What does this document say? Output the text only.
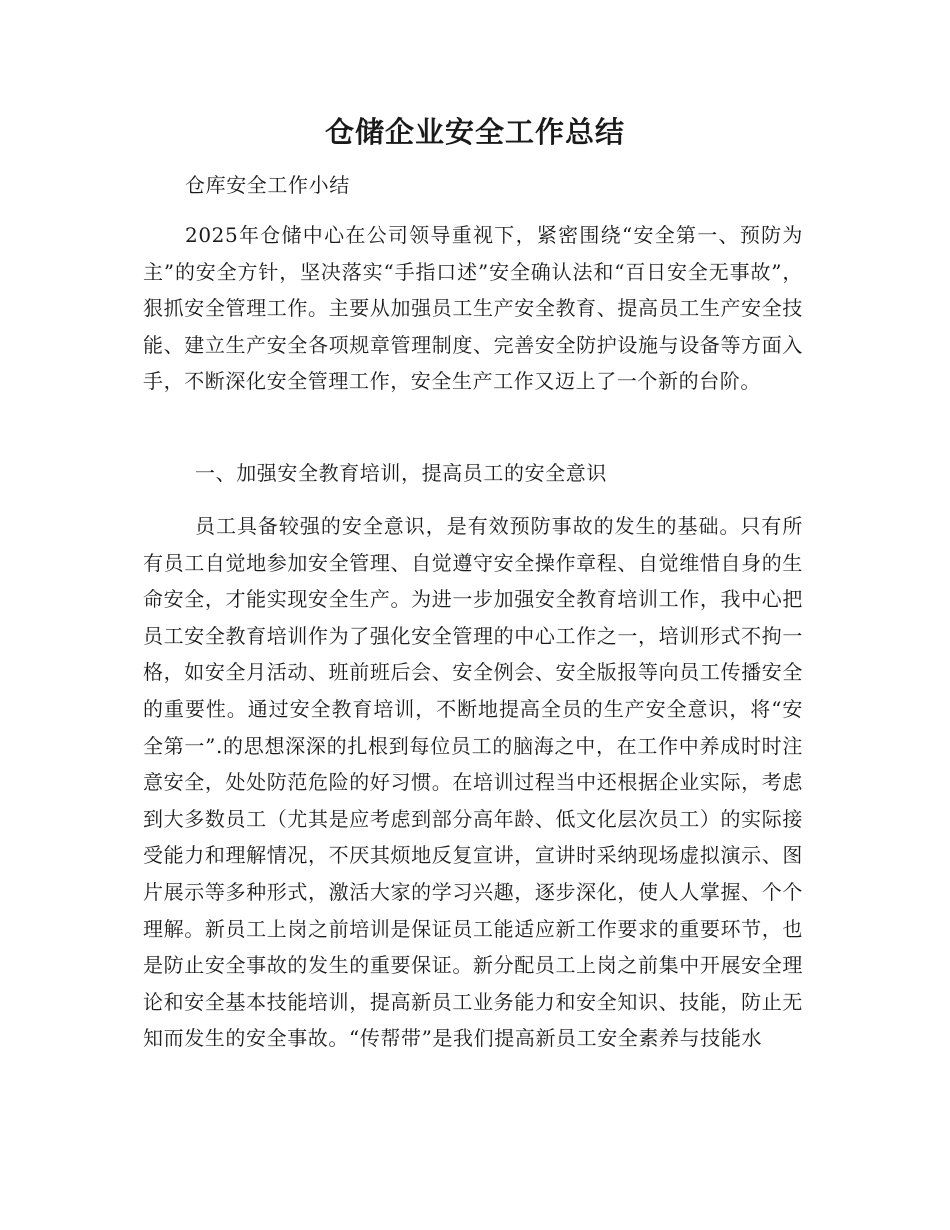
仓储企业安全工作总结

仓库安全工作小结

2025年仓储中心在公司领导重视下，紧密围绕“安全第一、预防为主”的安全方针，坚决落实“手指口述”安全确认法和“百日安全无事故”，狠抓安全管理工作。主要从加强员工生产安全教育、提高员工生产安全技能、建立生产安全各项规章管理制度、完善安全防护设施与设备等方面入手，不断深化安全管理工作，安全生产工作又迈上了一个新的台阶。

一、加强安全教育培训，提高员工的安全意识

员工具备较强的安全意识，是有效预防事故的发生的基础。只有所有员工自觉地参加安全管理、自觉遵守安全操作章程、自觉维惜自身的生命安全，才能实现安全生产。为进一步加强安全教育培训工作，我中心把员工安全教育培训作为了强化安全管理的中心工作之一，培训形式不拘一格，如安全月活动、班前班后会、安全例会、安全版报等向员工传播安全的重要性。通过安全教育培训，不断地提高全员的生产安全意识，将“安全第一”.的思想深深的扎根到每位员工的脑海之中，在工作中养成时时注意安全，处处防范危险的好习惯。在培训过程当中还根据企业实际，考虑到大多数员工（尤其是应考虑到部分高年龄、低文化层次员工）的实际接受能力和理解情况，不厌其烦地反复宣讲，宣讲时采纳现场虚拟演示、图片展示等多种形式，激活大家的学习兴趣，逐步深化，使人人掌握、个个理解。新员工上岗之前培训是保证员工能适应新工作要求的重要环节，也是防止安全事故的发生的重要保证。新分配员工上岗之前集中开展安全理论和安全基本技能培训，提高新员工业务能力和安全知识、技能，防止无知而发生的安全事故。“传帮带”是我们提高新员工安全素养与技能水
